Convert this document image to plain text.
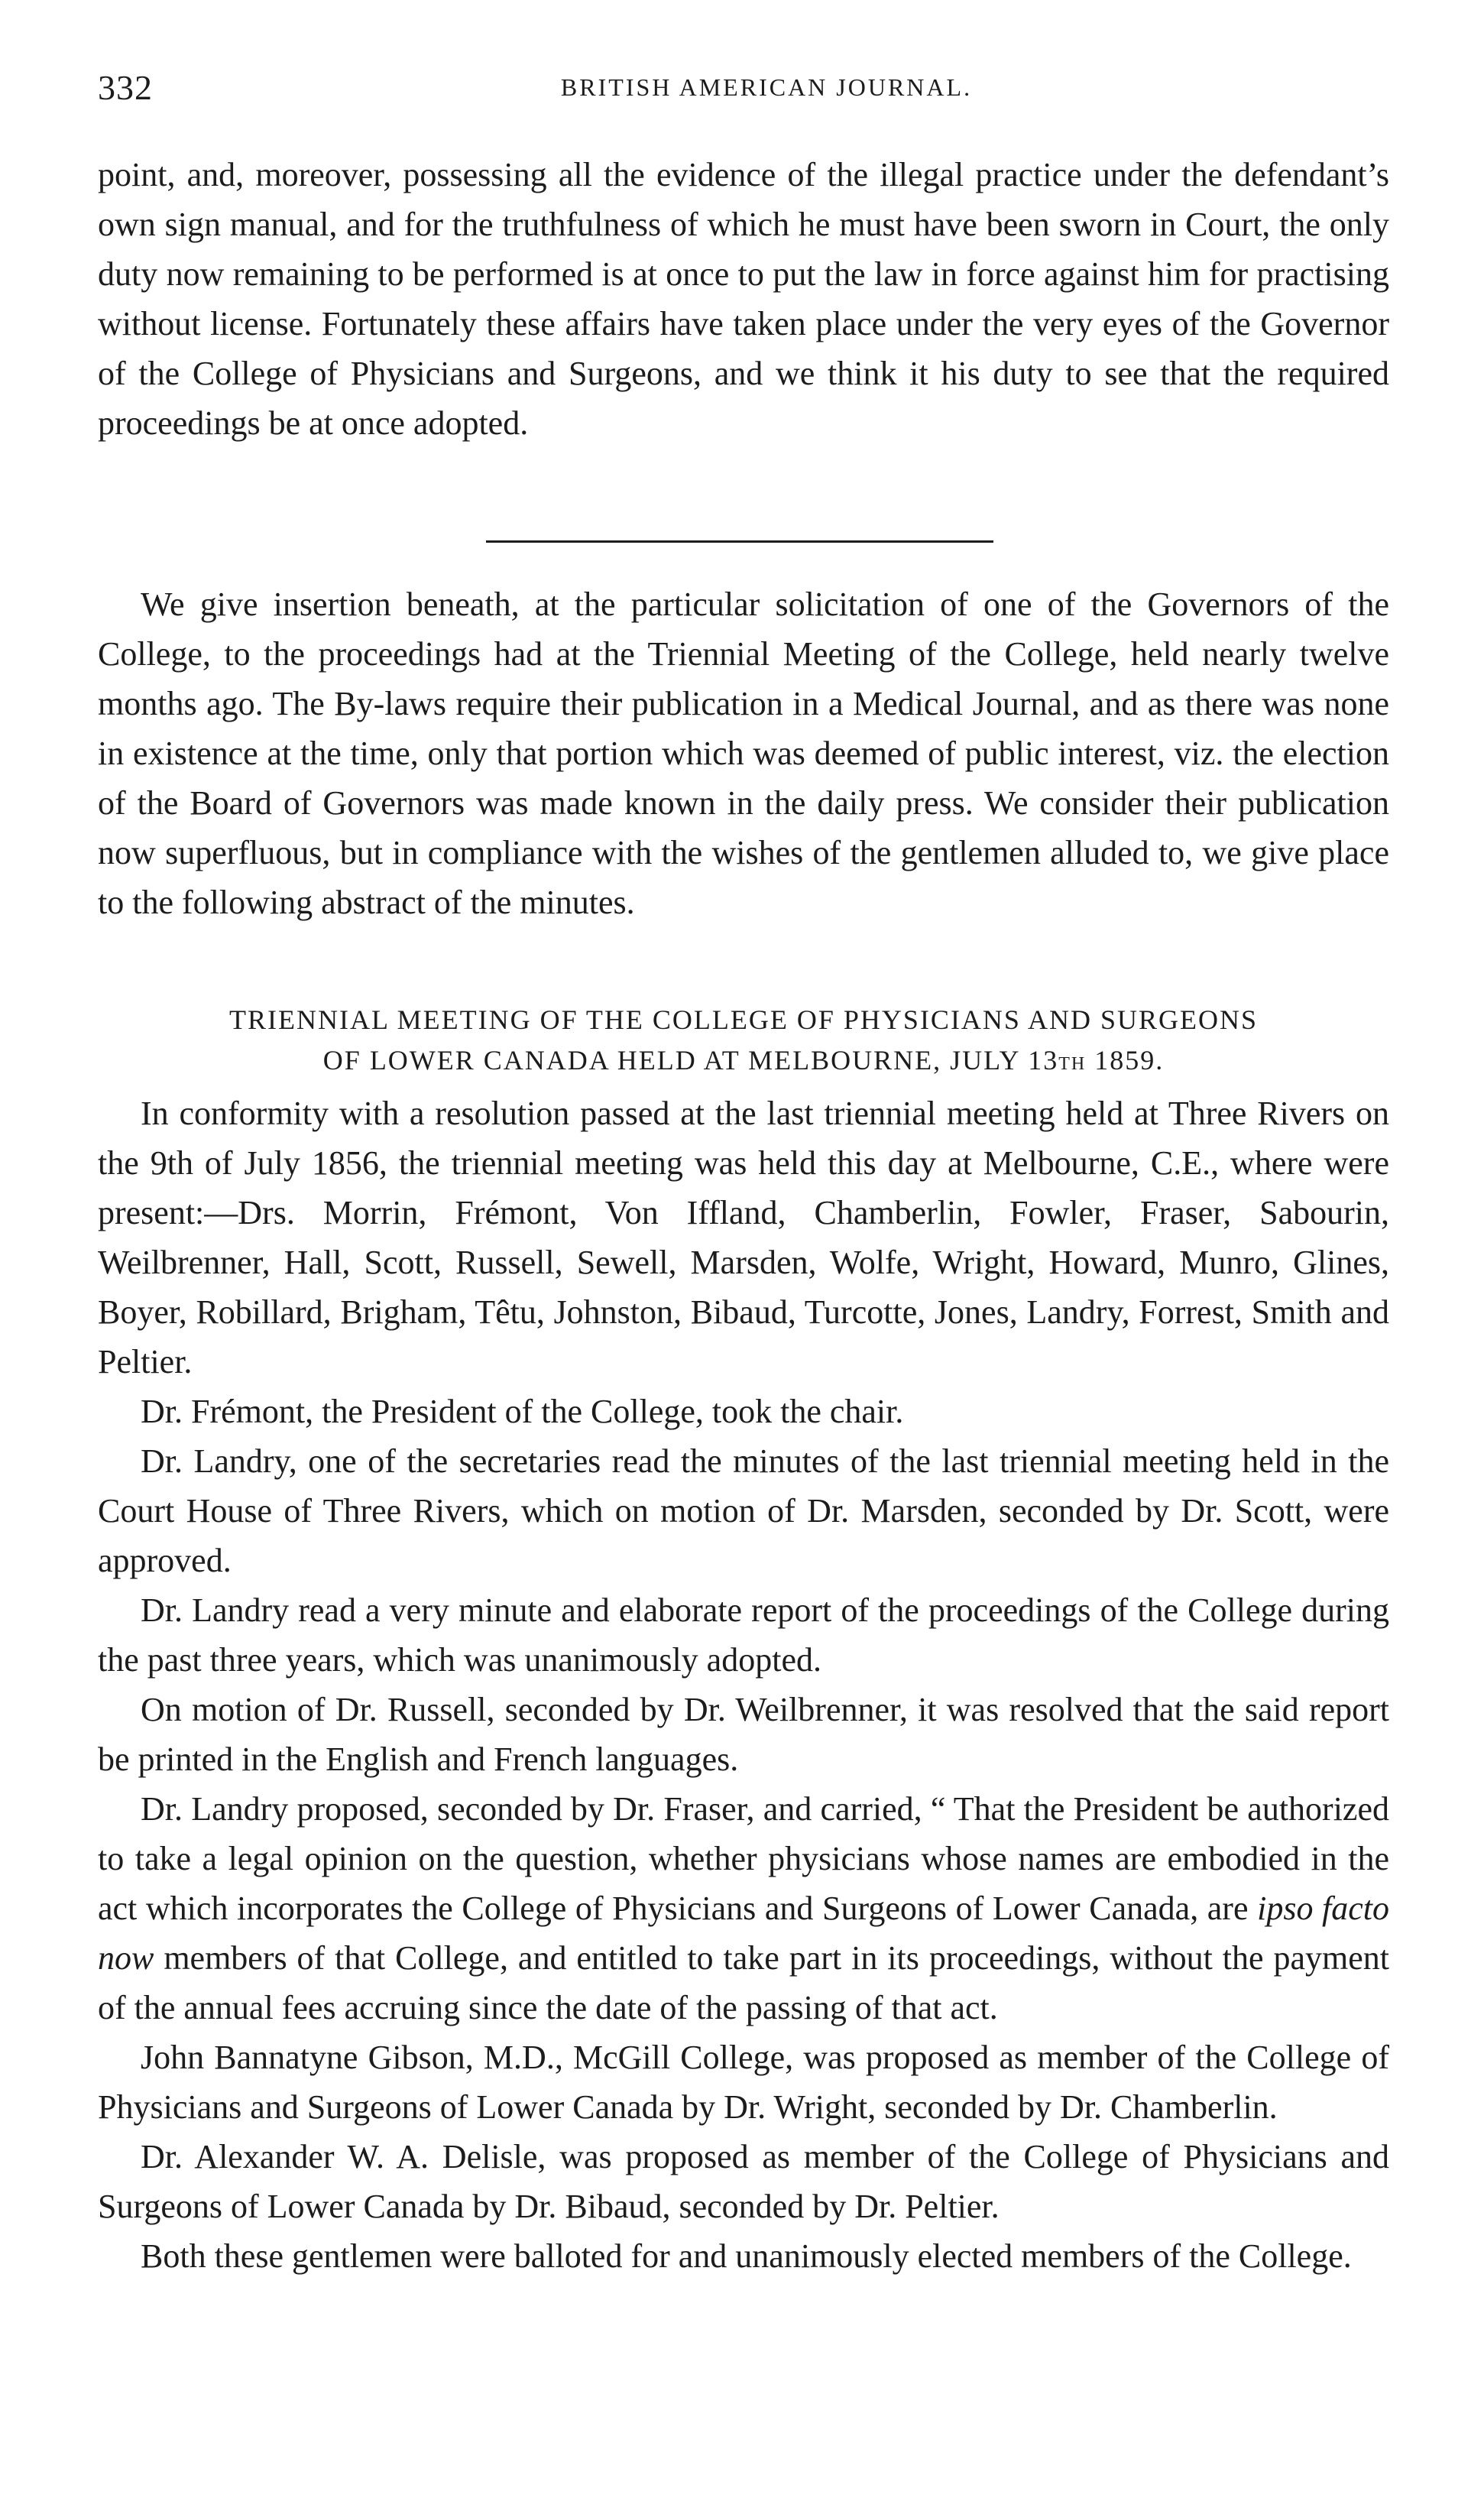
332	BRITISH AMERICAN JOURNAL.

point, and, moreover, possessing all the evidence of the illegal practice under the defendant’s own sign manual, and for the truthfulness of which he must have been sworn in Court, the only duty now remaining to be performed is at once to put the law in force against him for practising without license. Fortunately these affairs have taken place under the very eyes of the Governor of the College of Physicians and Surgeons, and we think it his duty to see that the required proceedings be at once adopted.

We give insertion beneath, at the particular solicitation of one of the Governors of the College, to the proceedings had at the Triennial Meeting of the College, held nearly twelve months ago. The By-laws require their publication in a Medical Journal, and as there was none in existence at the time, only that portion which was deemed of public interest, viz. the election of the Board of Governors was made known in the daily press. We consider their publication now superfluous, but in compliance with the wishes of the gentlemen alluded to, we give place to the following abstract of the minutes.

TRIENNIAL MEETING OF THE COLLEGE OF PHYSICIANS AND SURGEONS
OF LOWER CANADA HELD AT MELBOURNE, JULY 13TH 1859.

In conformity with a resolution passed at the last triennial meeting held at Three Rivers on the 9th of July 1856, the triennial meeting was held this day at Melbourne, C.E., where were present:—Drs. Morrin, Frémont, Von Iffland, Chamberlin, Fowler, Fraser, Sabourin, Weilbrenner, Hall, Scott, Russell, Sewell, Marsden, Wolfe, Wright, Howard, Munro, Glines, Boyer, Robillard, Brigham, Têtu, Johnston, Bibaud, Turcotte, Jones, Landry, Forrest, Smith and Peltier.

Dr. Frémont, the President of the College, took the chair.

Dr. Landry, one of the secretaries read the minutes of the last triennial meeting held in the Court House of Three Rivers, which on motion of Dr. Marsden, seconded by Dr. Scott, were approved.

Dr. Landry read a very minute and elaborate report of the proceedings of the College during the past three years, which was unanimously adopted.

On motion of Dr. Russell, seconded by Dr. Weilbrenner, it was resolved that the said report be printed in the English and French languages.

Dr. Landry proposed, seconded by Dr. Fraser, and carried, “ That the President be authorized to take a legal opinion on the question, whether physicians whose names are embodied in the act which incorporates the College of Physicians and Surgeons of Lower Canada, are ipso facto now members of that College, and entitled to take part in its proceedings, without the payment of the annual fees accruing since the date of the passing of that act.

John Bannatyne Gibson, M.D., McGill College, was proposed as member of the College of Physicians and Surgeons of Lower Canada by Dr. Wright, seconded by Dr. Chamberlin.

Dr. Alexander W. A. Delisle, was proposed as member of the College of Physicians and Surgeons of Lower Canada by Dr. Bibaud, seconded by Dr. Peltier.

Both these gentlemen were balloted for and unanimously elected members of the College.
